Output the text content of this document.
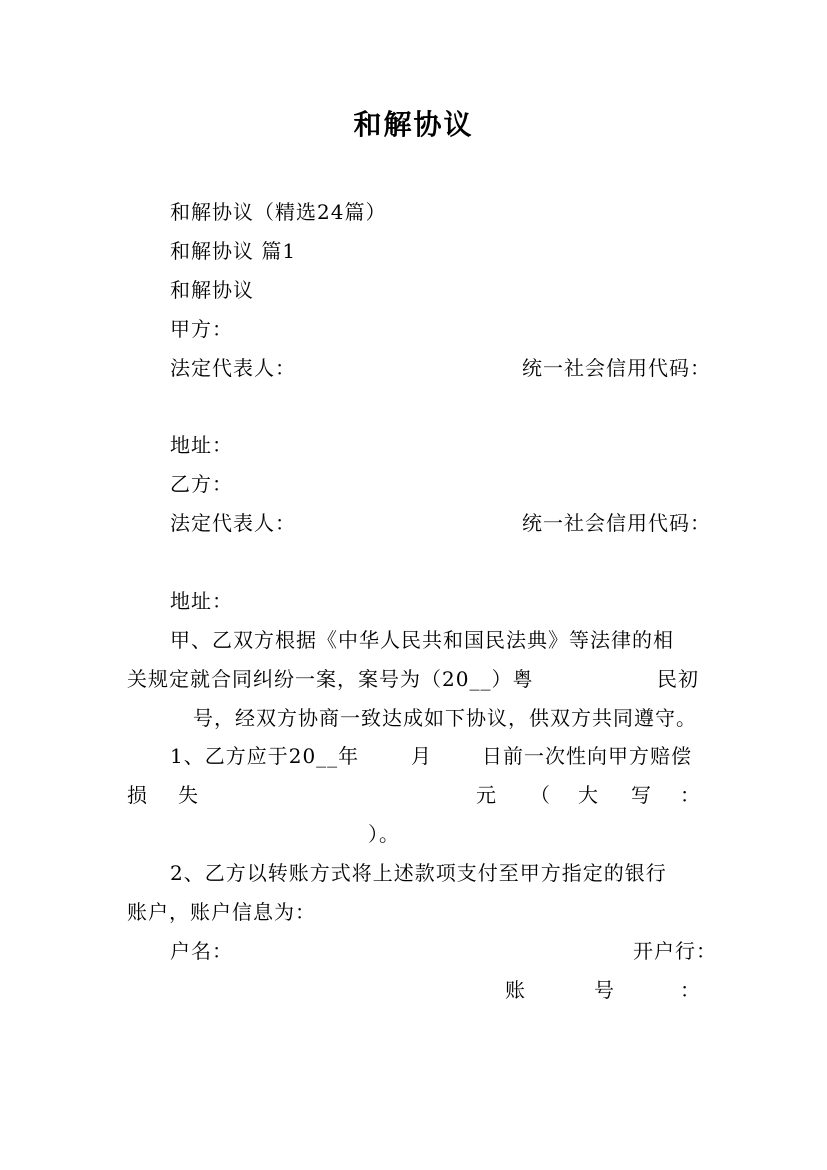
和解协议
和解协议（精选24篇）
和解协议 篇1
和解协议
甲方：
法定代表人：	统一社会信用代码：
地址：
乙方：
法定代表人：	统一社会信用代码：
地址：
甲、乙双方根据《中华人民共和国民法典》等法律的相
关规定就合同纠纷一案，案号为（20__）粤	民初
号，经双方协商一致达成如下协议，供双方共同遵守。
1、乙方应于20__年	月	日前一次性向甲方赔偿
损 失	元 （ 大 写 ：
）。
2、乙方以转账方式将上述款项支付至甲方指定的银行
账户，账户信息为：
户名：	开户行：
账	号	：
